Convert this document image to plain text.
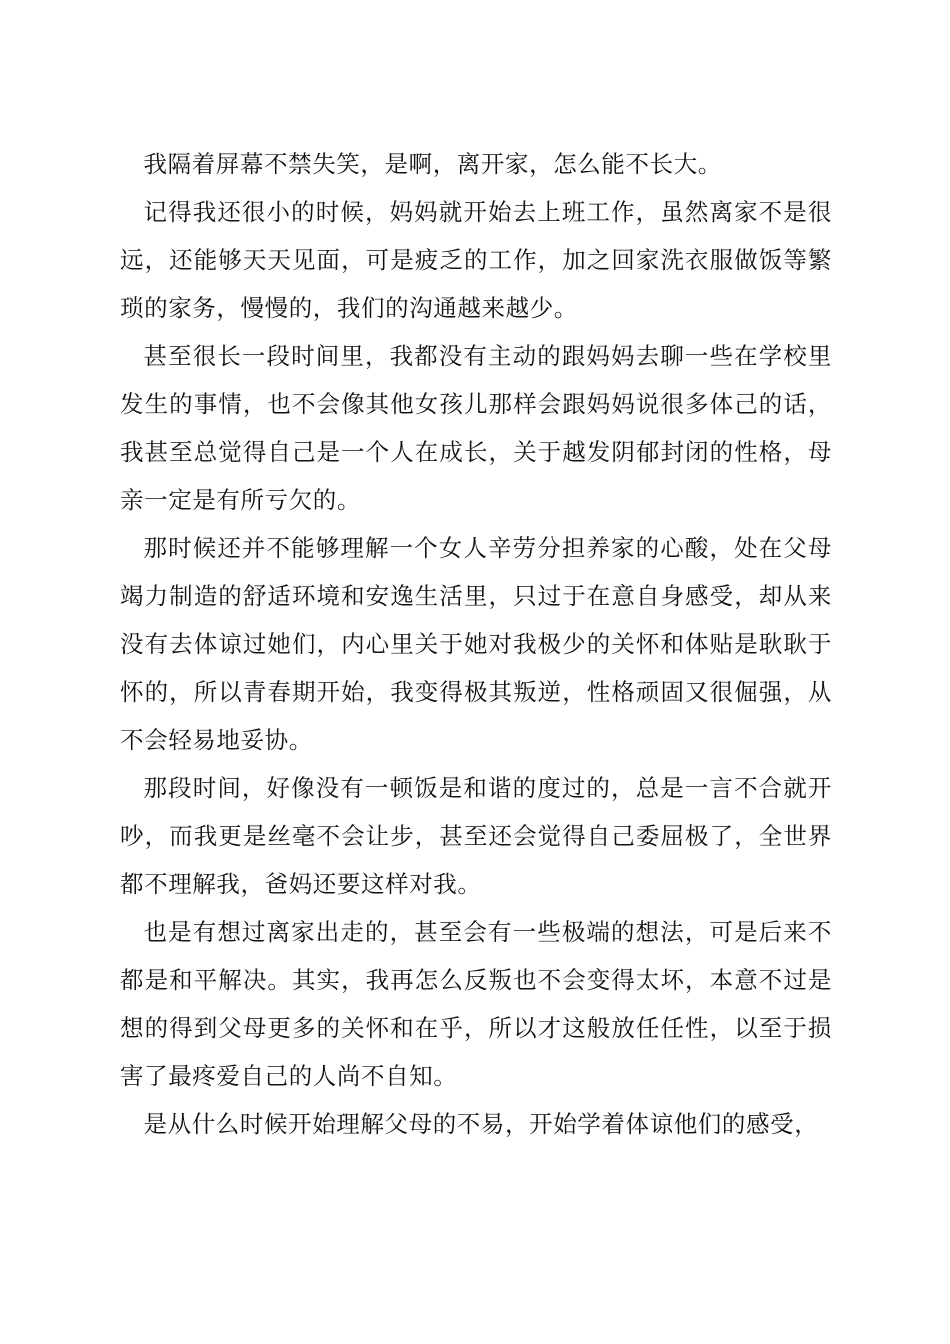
我隔着屏幕不禁失笑，是啊，离开家，怎么能不长大。

记得我还很小的时候，妈妈就开始去上班工作，虽然离家不是很远，还能够天天见面，可是疲乏的工作，加之回家洗衣服做饭等繁琐的家务，慢慢的，我们的沟通越来越少。

甚至很长一段时间里，我都没有主动的跟妈妈去聊一些在学校里发生的事情，也不会像其他女孩儿那样会跟妈妈说很多体己的话，我甚至总觉得自己是一个人在成长，关于越发阴郁封闭的性格，母亲一定是有所亏欠的。

那时候还并不能够理解一个女人辛劳分担养家的心酸，处在父母竭力制造的舒适环境和安逸生活里，只过于在意自身感受，却从来没有去体谅过她们，内心里关于她对我极少的关怀和体贴是耿耿于怀的，所以青春期开始，我变得极其叛逆，性格顽固又很倔强，从不会轻易地妥协。

那段时间，好像没有一顿饭是和谐的度过的，总是一言不合就开吵，而我更是丝毫不会让步，甚至还会觉得自己委屈极了，全世界都不理解我，爸妈还要这样对我。

也是有想过离家出走的，甚至会有一些极端的想法，可是后来不都是和平解决。其实，我再怎么反叛也不会变得太坏，本意不过是想的得到父母更多的关怀和在乎，所以才这般放任任性，以至于损害了最疼爱自己的人尚不自知。

是从什么时候开始理解父母的不易，开始学着体谅他们的感受，
